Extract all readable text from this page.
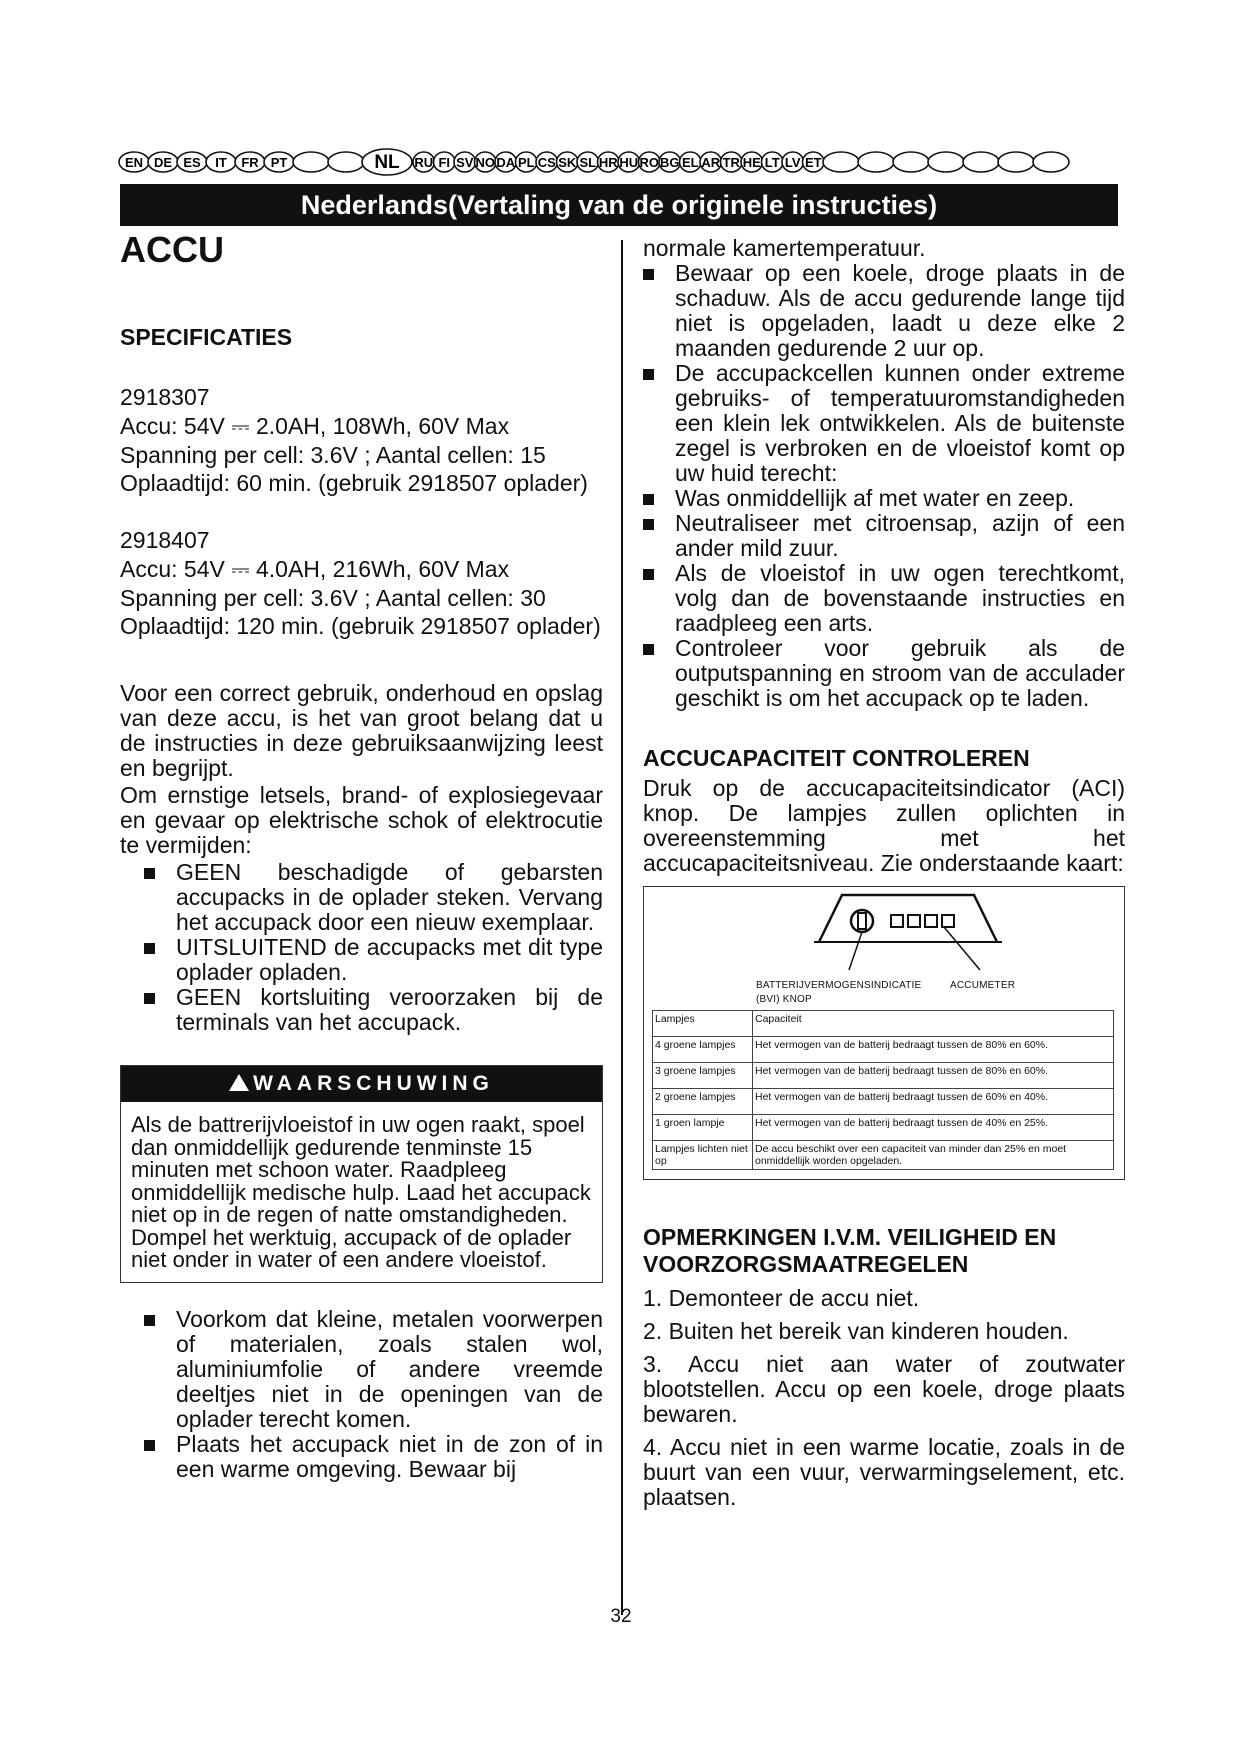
EN DE ES IT FR PT	NL RU FI SV NO DA PL CS SK SL HR HU RO BG EL AR TR HE LT LV ET
Nederlands(Vertaling van de originele instructies)
ACCU
SPECIFICATIES

2918307

Accu: 54V ⎓ 2.0AH, 108Wh, 60V Max

Spanning per cell: 3.6V ; Aantal cellen: 15

Oplaadtijd: 60 min. (gebruik 2918507 oplader)

2918407

Accu: 54V ⎓ 4.0AH, 216Wh, 60V Max

Spanning per cell: 3.6V ; Aantal cellen: 30

Oplaadtijd: 120 min. (gebruik 2918507 oplader)

Voor een correct gebruik, onderhoud en opslag van deze accu, is het van groot belang dat u de instructies in deze gebruiksaanwijzing leest en begrijpt.

Om ernstige letsels, brand- of explosiegevaar en gevaar op elektrische schok of elektrocutie te vermijden:

GEEN beschadigde of gebarsten accupacks in de oplader steken. Vervang het accupack door een nieuw exemplaar.
UITSLUITEND de accupacks met dit type oplader opladen.
GEEN kortsluiting veroorzaken bij de terminals van het accupack.
WAARSCHUWING
Als de battrerijvloeistof in uw ogen raakt, spoel dan onmiddellijk gedurende tenminste 15 minuten met schoon water. Raadpleeg onmiddellijk medische hulp. Laad het accupack niet op in de regen of natte omstandigheden. Dompel het werktuig, accupack of de oplader niet onder in water of een andere vloeistof.
Voorkom dat kleine, metalen voorwerpen of materialen, zoals stalen wol, aluminiumfolie of andere vreemde deeltjes niet in de openingen van de oplader terecht komen.
Plaats het accupack niet in de zon of in een warme omgeving. Bewaar bij

normale kamertemperatuur.

Bewaar op een koele, droge plaats in de schaduw. Als de accu gedurende lange tijd niet is opgeladen, laadt u deze elke 2 maanden gedurende 2 uur op.
De accupackcellen kunnen onder extreme gebruiks- of temperatuuromstandigheden een klein lek ontwikkelen. Als de buitenste zegel is verbroken en de vloeistof komt op uw huid terecht:
Was onmiddellijk af met water en zeep.
Neutraliseer met citroensap, azijn of een ander mild zuur.
Als de vloeistof in uw ogen terechtkomt, volg dan de bovenstaande instructies en raadpleeg een arts.
Controleer voor gebruik als de outputspanning en stroom van de acculader geschikt is om het accupack op te laden.
ACCUCAPACITEIT CONTROLEREN

Druk op de accucapaciteitsindicator (ACI) knop. De lampjes zullen oplichten in overeenstemming met het accucapaciteitsniveau. Zie onderstaande kaart:

BATTERIJVERMOGENSINDICATIE
(BVI) KNOP
ACCUMETER
Lampjes	Capaciteit
4 groene lampjes	Het vermogen van de batterij bedraagt tussen de 80% en 60%.
3 groene lampjes	Het vermogen van de batterij bedraagt tussen de 80% en 60%.
2 groene lampjes	Het vermogen van de batterij bedraagt tussen de 60% en 40%.
1 groen lampje	Het vermogen van de batterij bedraagt tussen de 40% en 25%.
Lampjes lichten niet op	De accu beschikt over een capaciteit van minder dan 25% en moet onmiddellijk worden opgeladen.
OPMERKINGEN I.V.M. VEILIGHEID EN VOORZORGSMAATREGELEN
1. Demonteer de accu niet.
2. Buiten het bereik van kinderen houden.
3. Accu niet aan water of zoutwater blootstellen. Accu op een koele, droge plaats bewaren.
4. Accu niet in een warme locatie, zoals in de buurt van een vuur, verwarmingselement, etc. plaatsen.
32
